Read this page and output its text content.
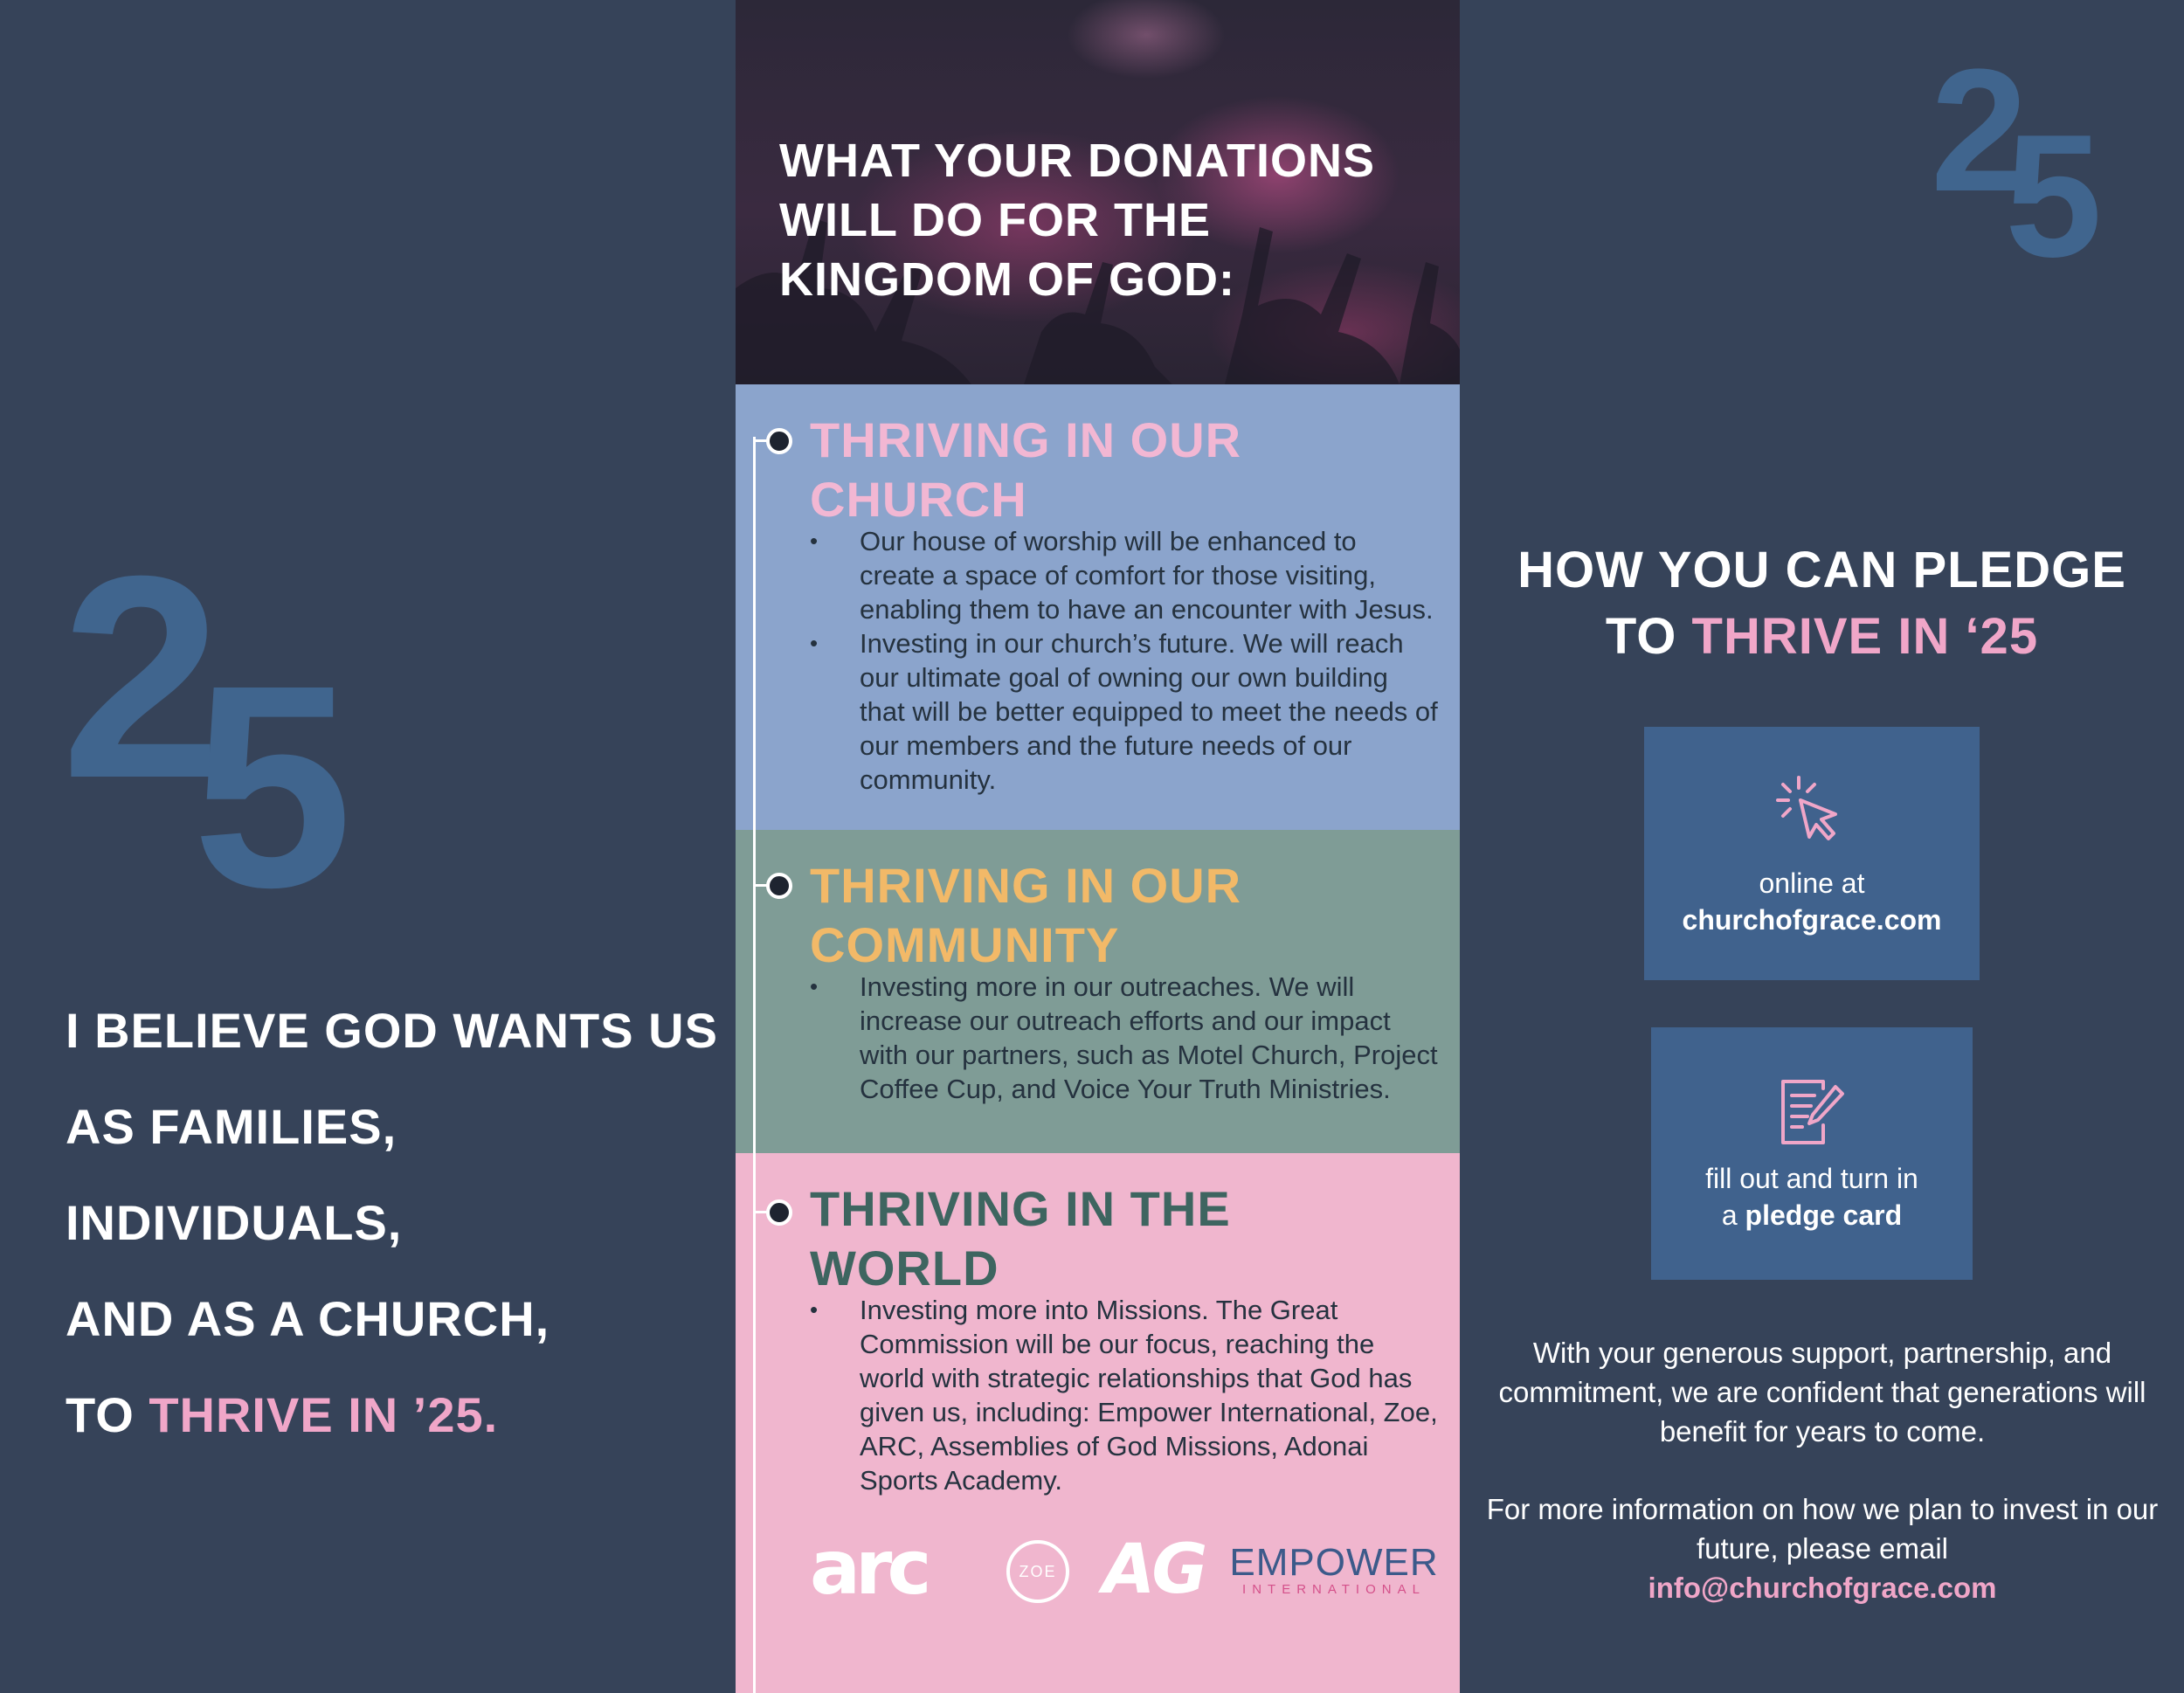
2
5
I BELIEVE GOD WANTS US
AS FAMILIES,
INDIVIDUALS,
AND AS A CHURCH,
TO THRIVE IN ’25.
WHAT YOUR DONATIONS
WILL DO FOR THE
KINGDOM OF GOD:
THRIVING IN OUR
CHURCH
• Our house of worship will be enhanced to create a space of comfort for those visiting, enabling them to have an encounter with Jesus.
• Investing in our church’s future. We will reach our ultimate goal of owning our own building that will be better equipped to meet the needs of our members and the future needs of our community.
THRIVING IN OUR
COMMUNITY
• Investing more in our outreaches. We will increase our outreach efforts and our impact with our partners, such as Motel Church, Project Coffee Cup, and Voice Your Truth Ministries.
THRIVING IN THE
WORLD
• Investing more into Missions. The Great Commission will be our focus, reaching the world with strategic relationships that God has given us, including: Empower International, Zoe, ARC, Assemblies of God Missions, Adonai Sports Academy.
arc	ZOE AG EMPOWER
INTERNATIONAL
HOW YOU CAN PLEDGE
TO THRIVE IN ‘25
online at
churchofgrace.com
fill out and turn in
a pledge card
With your generous support, partnership, and commitment, we are confident that generations will benefit for years to come.
For more information on how we plan to invest in our future, please email
info@churchofgrace.com
2
5
